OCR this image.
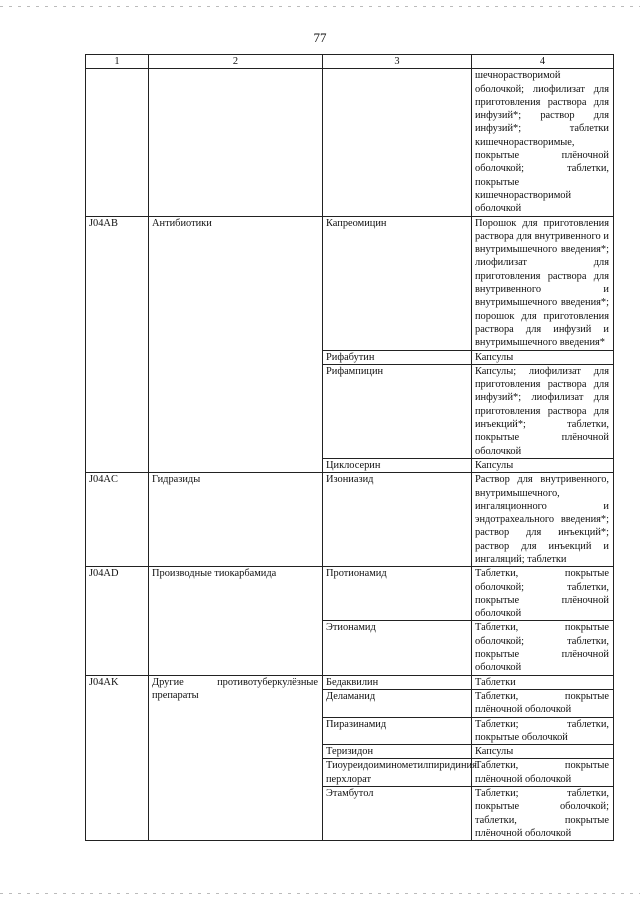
77
1	2	3	4
			шечнорастворимой оболочкой; лиофилизат для приготовления раствора для инфузий*; раствор для инфузий*; таблетки кишечнорастворимые, покрытые плёночной оболочкой; таблетки, покрытые кишечнорастворимой оболочкой
J04AB	Антибиотики	Капреомицин	Порошок для приготовления раствора для внутривенного и внутримышечного введения*; лиофилизат для приготовления раствора для внутривенного и внутримышечного введения*; порошок для приготовления раствора для инфузий и внутримышечного введения*
		Рифабутин	Капсулы
		Рифампицин	Капсулы; лиофилизат для приготовления раствора для инфузий*; лиофилизат для приготовления раствора для инъекций*; таблетки, покрытые плёночной оболочкой
		Циклосерин	Капсулы
J04AC	Гидразиды	Изониазид	Раствор для внутривенного, внутримышечного, ингаляционного и эндотрахеального введения*; раствор для инъекций*; раствор для инъекций и ингаляций; таблетки
J04AD	Производные тиокарбамида	Протионамид	Таблетки, покрытые оболочкой; таблетки, покрытые плёночной оболочкой
		Этионамид	Таблетки, покрытые оболочкой; таблетки, покрытые плёночной оболочкой
J04AK	Другие противотуберкулёзные препараты	Бедаквилин	Таблетки
		Деламанид	Таблетки, покрытые плёночной оболочкой
		Пиразинамид	Таблетки; таблетки, покрытые оболочкой
		Теризидон	Капсулы
		Тиоуреидоиминометилпиридиния перхлорат	Таблетки, покрытые плёночной оболочкой
		Этамбутол	Таблетки; таблетки, покрытые оболочкой; таблетки, покрытые плёночной оболочкой
